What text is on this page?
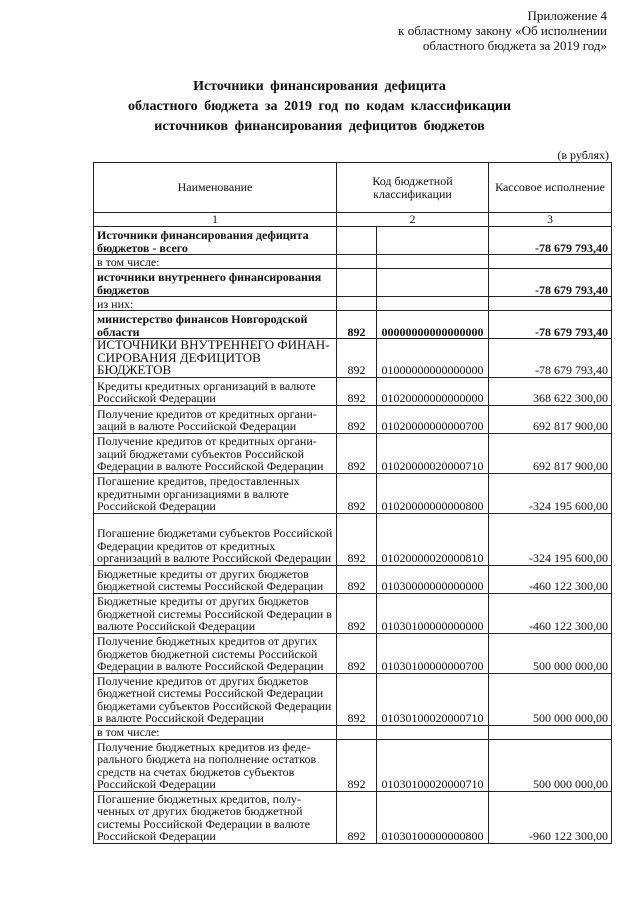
Приложение 4
к областному закону «Об исполнении
областного бюджета за 2019 год»
Источники финансирования дефицита
областного бюджета за 2019 год по кодам классификации
источников финансирования дефицитов бюджетов
(в рублях)
Наименование	Код бюджетной классификации		Кассовое исполнение
1	2		3
Источники финансирования дефицита бюджетов - всего			-78 679 793,40
в том числе:			
источники внутреннего финансирования бюджетов			-78 679 793,40
из них:			
министерство финансов Новгородской области	892	00000000000000000	-78 679 793,40
ИСТОЧНИКИ ВНУТРЕННЕГО ФИНАНСИРОВАНИЯ ДЕФИЦИТОВ БЮДЖЕТОВ	892	01000000000000000	-78 679 793,40
Кредиты кредитных организаций в валюте Российской Федерации	892	01020000000000000	368 622 300,00
Получение кредитов от кредитных организаций в валюте Российской Федерации	892	01020000000000700	692 817 900,00
Получение кредитов от кредитных организаций бюджетами субъектов Российской Федерации в валюте Российской Федерации	892	01020000020000710	692 817 900,00
Погашение кредитов, предоставленных кредитными организациями в валюте Российской Федерации	892	01020000000000800	-324 195 600,00
Погашение бюджетами субъектов Российской Федерации кредитов от кредитных организаций в валюте Российской Федерации	892	01020000020000810	-324 195 600,00
Бюджетные кредиты от других бюджетов бюджетной системы Российской Федерации	892	01030000000000000	-460 122 300,00
Бюджетные кредиты от других бюджетов бюджетной системы Российской Федерации в валюте Российской Федерации	892	01030100000000000	-460 122 300,00
Получение бюджетных кредитов от других бюджетов бюджетной системы Российской Федерации в валюте Российской Федерации	892	01030100000000700	500 000 000,00
Получение кредитов от других бюджетов бюджетной системы Российской Федерации бюджетами субъектов Российской Федерации в валюте Российской Федерации	892	01030100020000710	500 000 000,00
в том числе:			
Получение бюджетных кредитов из федерального бюджета на пополнение остатков средств на счетах бюджетов субъектов Российской Федерации	892	01030100020000710	500 000 000,00
Погашение бюджетных кредитов, полученных от других бюджетов бюджетной системы Российской Федерации в валюте Российской Федерации	892	01030100000000800	-960 122 300,00
